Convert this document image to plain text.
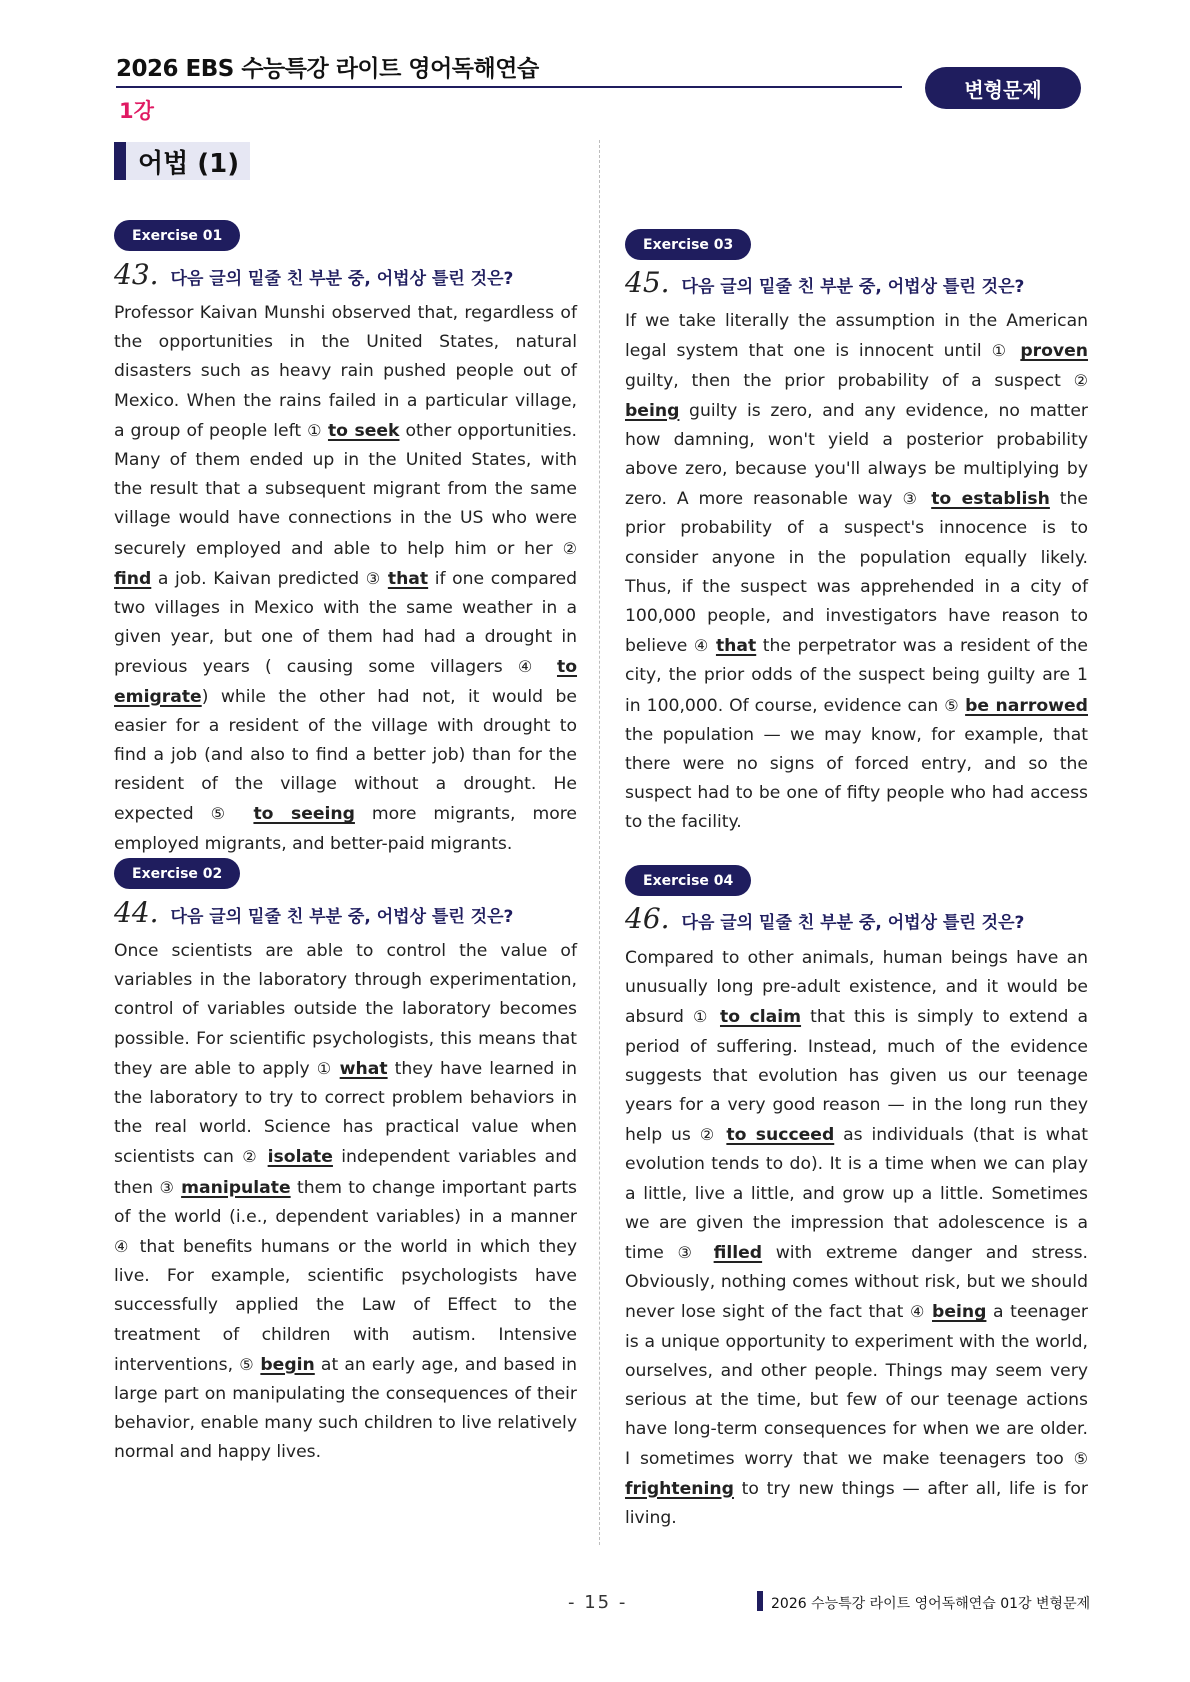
2026 EBS 수능특강 라이트 영어독해연습
1강
변형문제
어법 (1)
Exercise 01
43. 다음 글의 밑줄 친 부분 중, 어법상 틀린 것은?

Professor Kaivan Munshi observed that, regardless of the opportunities in the United States, natural disasters such as heavy rain pushed people out of Mexico. When the rains failed in a particular village, a group of people left ① to seek other opportunities. Many of them ended up in the United States, with the result that a subsequent migrant from the same village would have connections in the US who were securely employed and able to help him or her ② find a job. Kaivan predicted ③ that if one compared two villages in Mexico with the same weather in a given year, but one of them had had a drought in previous years ( causing some villagers ④ to emigrate) while the other had not, it would be easier for a resident of the village with drought to find a job (and also to find a better job) than for the resident of the village without a drought. He expected ⑤ to seeing more migrants, more employed migrants, and better-paid migrants.

Exercise 02
44. 다음 글의 밑줄 친 부분 중, 어법상 틀린 것은?

Once scientists are able to control the value of variables in the laboratory through experimentation, control of variables outside the laboratory becomes possible. For scientific psychologists, this means that they are able to apply ① what they have learned in the laboratory to try to correct problem behaviors in the real world. Science has practical value when scientists can ② isolate independent variables and then ③ manipulate them to change important parts of the world (i.e., dependent variables) in a manner ④ that benefits humans or the world in which they live. For example, scientific psychologists have successfully applied the Law of Effect to the treatment of children with autism. Intensive interventions, ⑤ begin at an early age, and based in large part on manipulating the consequences of their behavior, enable many such children to live relatively normal and happy lives.

Exercise 03
45. 다음 글의 밑줄 친 부분 중, 어법상 틀린 것은?

If we take literally the assumption in the American legal system that one is innocent until ① proven guilty, then the prior probability of a suspect ② being guilty is zero, and any evidence, no matter how damning, won't yield a posterior probability above zero, because you'll always be multiplying by zero. A more reasonable way ③ to establish the prior probability of a suspect's innocence is to consider anyone in the population equally likely. Thus, if the suspect was apprehended in a city of 100,000 people, and investigators have reason to believe ④ that the perpetrator was a resident of the city, the prior odds of the suspect being guilty are 1 in 100,000. Of course, evidence can ⑤ be narrowed the population — we may know, for example, that there were no signs of forced entry, and so the suspect had to be one of fifty people who had access to the facility.

Exercise 04
46. 다음 글의 밑줄 친 부분 중, 어법상 틀린 것은?

Compared to other animals, human beings have an unusually long pre-adult existence, and it would be absurd ① to claim that this is simply to extend a period of suffering. Instead, much of the evidence suggests that evolution has given us our teenage years for a very good reason — in the long run they help us ② to succeed as individuals (that is what evolution tends to do). It is a time when we can play a little, live a little, and grow up a little. Sometimes we are given the impression that adolescence is a time ③ filled with extreme danger and stress. Obviously, nothing comes without risk, but we should never lose sight of the fact that ④ being a teenager is a unique opportunity to experiment with the world, ourselves, and other people. Things may seem very serious at the time, but few of our teenage actions have long-term consequences for when we are older. I sometimes worry that we make teenagers too ⑤ frightening to try new things — after all, life is for living.

- 15 -	2026 수능특강 라이트 영어독해연습 01강 변형문제
